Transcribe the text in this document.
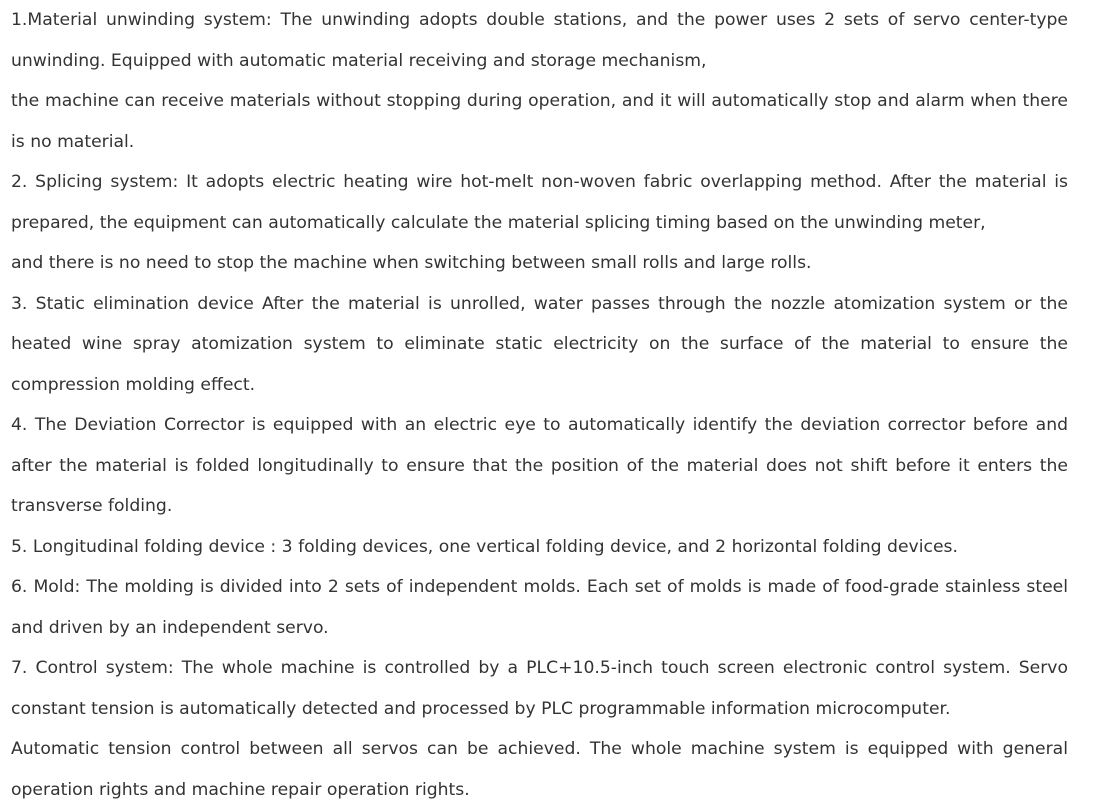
1.Material unwinding system: The unwinding adopts double stations, and the power uses 2 sets of servo center-type unwinding. Equipped with automatic material receiving and storage mechanism,

the machine can receive materials without stopping during operation, and it will automatically stop and alarm when there is no material.

2. Splicing system: It adopts electric heating wire hot-melt non-woven fabric overlapping method. After the material is prepared, the equipment can automatically calculate the material splicing timing based on the unwinding meter,

and there is no need to stop the machine when switching between small rolls and large rolls.

3. Static elimination device After the material is unrolled, water passes through the nozzle atomization system or the heated wine spray atomization system to eliminate static electricity on the surface of the material to ensure the compression molding effect.

4. The Deviation Corrector is equipped with an electric eye to automatically identify the deviation corrector before and after the material is folded longitudinally to ensure that the position of the material does not shift before it enters the transverse folding.

5. Longitudinal folding device : 3 folding devices, one vertical folding device, and 2 horizontal folding devices.

6. Mold: The molding is divided into 2 sets of independent molds. Each set of molds is made of food-grade stainless steel and driven by an independent servo.

7. Control system: The whole machine is controlled by a PLC+10.5-inch touch screen electronic control system. Servo constant tension is automatically detected and processed by PLC programmable information microcomputer.

Automatic tension control between all servos can be achieved. The whole machine system is equipped with general operation rights and machine repair operation rights.
